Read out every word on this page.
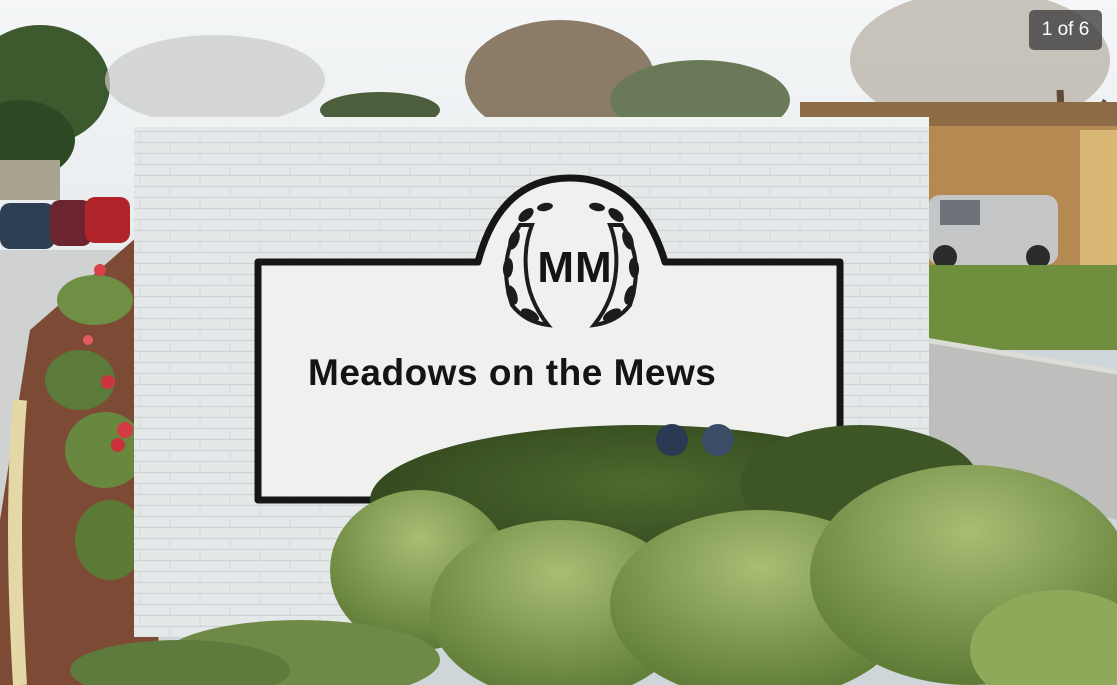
MM
Meadows on the Mews
1 of 6
